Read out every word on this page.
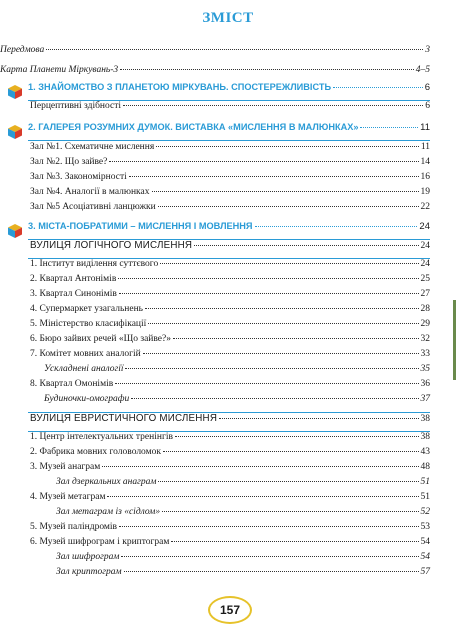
ЗМІСТ
Передмова	3
Карта Планети Міркувань-3	4–5
1. ЗНАЙОМСТВО З ПЛАНЕТОЮ МІРКУВАНЬ. СПОСТЕРЕЖЛИВІСТЬ	6
Перцептивні здібності	6
2. ГАЛЕРЕЯ РОЗУМНИХ ДУМОК. ВИСТАВКА «МИСЛЕННЯ В МАЛЮНКАХ»	11
Зал №1. Схематичне мислення	11
Зал №2. Що зайве?	14
Зал №3. Закономірності	16
Зал №4. Аналогії в малюнках	19
Зал №5 Асоціативні ланцюжки	22
3. МІСТА-ПОБРАТИМИ – МИСЛЕННЯ І МОВЛЕННЯ	24
ВУЛИЦЯ ЛОГІЧНОГО МИСЛЕННЯ	24
1. Інститут виділення суттєвого	24
2. Квартал Антонімів	25
3. Квартал Синонімів	27
4. Супермаркет узагальнень	28
5. Міністерство класифікації	29
6. Бюро зайвих речей «Що зайве?»	32
7. Комітет мовних аналогій	33
Ускладнені аналогії	35
8. Квартал Омонімів	36
Будиночки-омографи	37
ВУЛИЦЯ ЕВРИСТИЧНОГО МИСЛЕННЯ	38
1. Центр інтелектуальних тренінгів	38
2. Фабрика мовних головоломок	43
3. Музей анаграм	48
Зал дзеркальних анаграм	51
4. Музей метаграм	51
Зал метаграм із «сідлом»	52
5. Музей паліндромів	53
6. Музей шифрограм і криптограм	54
Зал шифрограм	54
Зал криптограм	57
157
